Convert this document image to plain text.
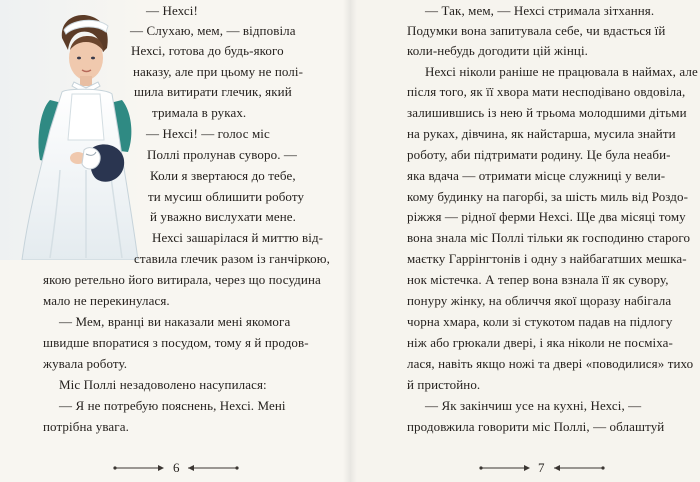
— Нехсі!
— Слухаю, мем, — відповіла
Нехсі, готова до будь-якого
наказу, але при цьому не полі-
шила витирати глечик, який
тримала в руках.
— Нехсі! — голос міс
Поллі пролунав суворо. —
Коли я звертаюся до тебе,
ти мусиш облишити роботу
й уважно вислухати мене.
Нехсі зашарілася й миттю від-
ставила глечик разом із ганчіркою,
якою ретельно його витирала, через що посудина
мало не перекинулася.
— Мем, вранці ви наказали мені якомога
швидше впоратися з посудом, тому я й продов-
жувала роботу.
Міс Поллі незадоволено насупилася:
— Я не потребую пояснень, Нехсі. Мені
потрібна увага.
6
— Так, мем, — Нехсі стримала зітхання.
Подумки вона запитувала себе, чи вдасться їй
коли-небудь догодити цій жінці.
Нехсі ніколи раніше не працювала в наймах, але
після того, як її хвора мати несподівано овдовіла,
залишившись із нею й трьома молодшими дітьми
на руках, дівчина, як найстарша, мусила знайти
роботу, аби підтримати родину. Це була неаби-
яка вдача — отримати місце служниці у вели-
кому будинку на пагорбі, за шість миль від Роздо-
ріжжя — рідної ферми Нехсі. Ще два місяці тому
вона знала міс Поллі тільки як господиню старого
маєтку Гаррінгтонів і одну з найбагатших мешка-
нок містечка. А тепер вона взнала її як сувору,
понуру жінку, на обличчя якої щоразу набігала
чорна хмара, коли зі стукотом падав на підлогу
ніж або грюкали двері, і яка ніколи не посміха-
лася, навіть якщо ножі та двері «поводилися» тихо
й пристойно.
— Як закінчиш усе на кухні, Нехсі, —
продовжила говорити міс Поллі, — облаштуй
7
